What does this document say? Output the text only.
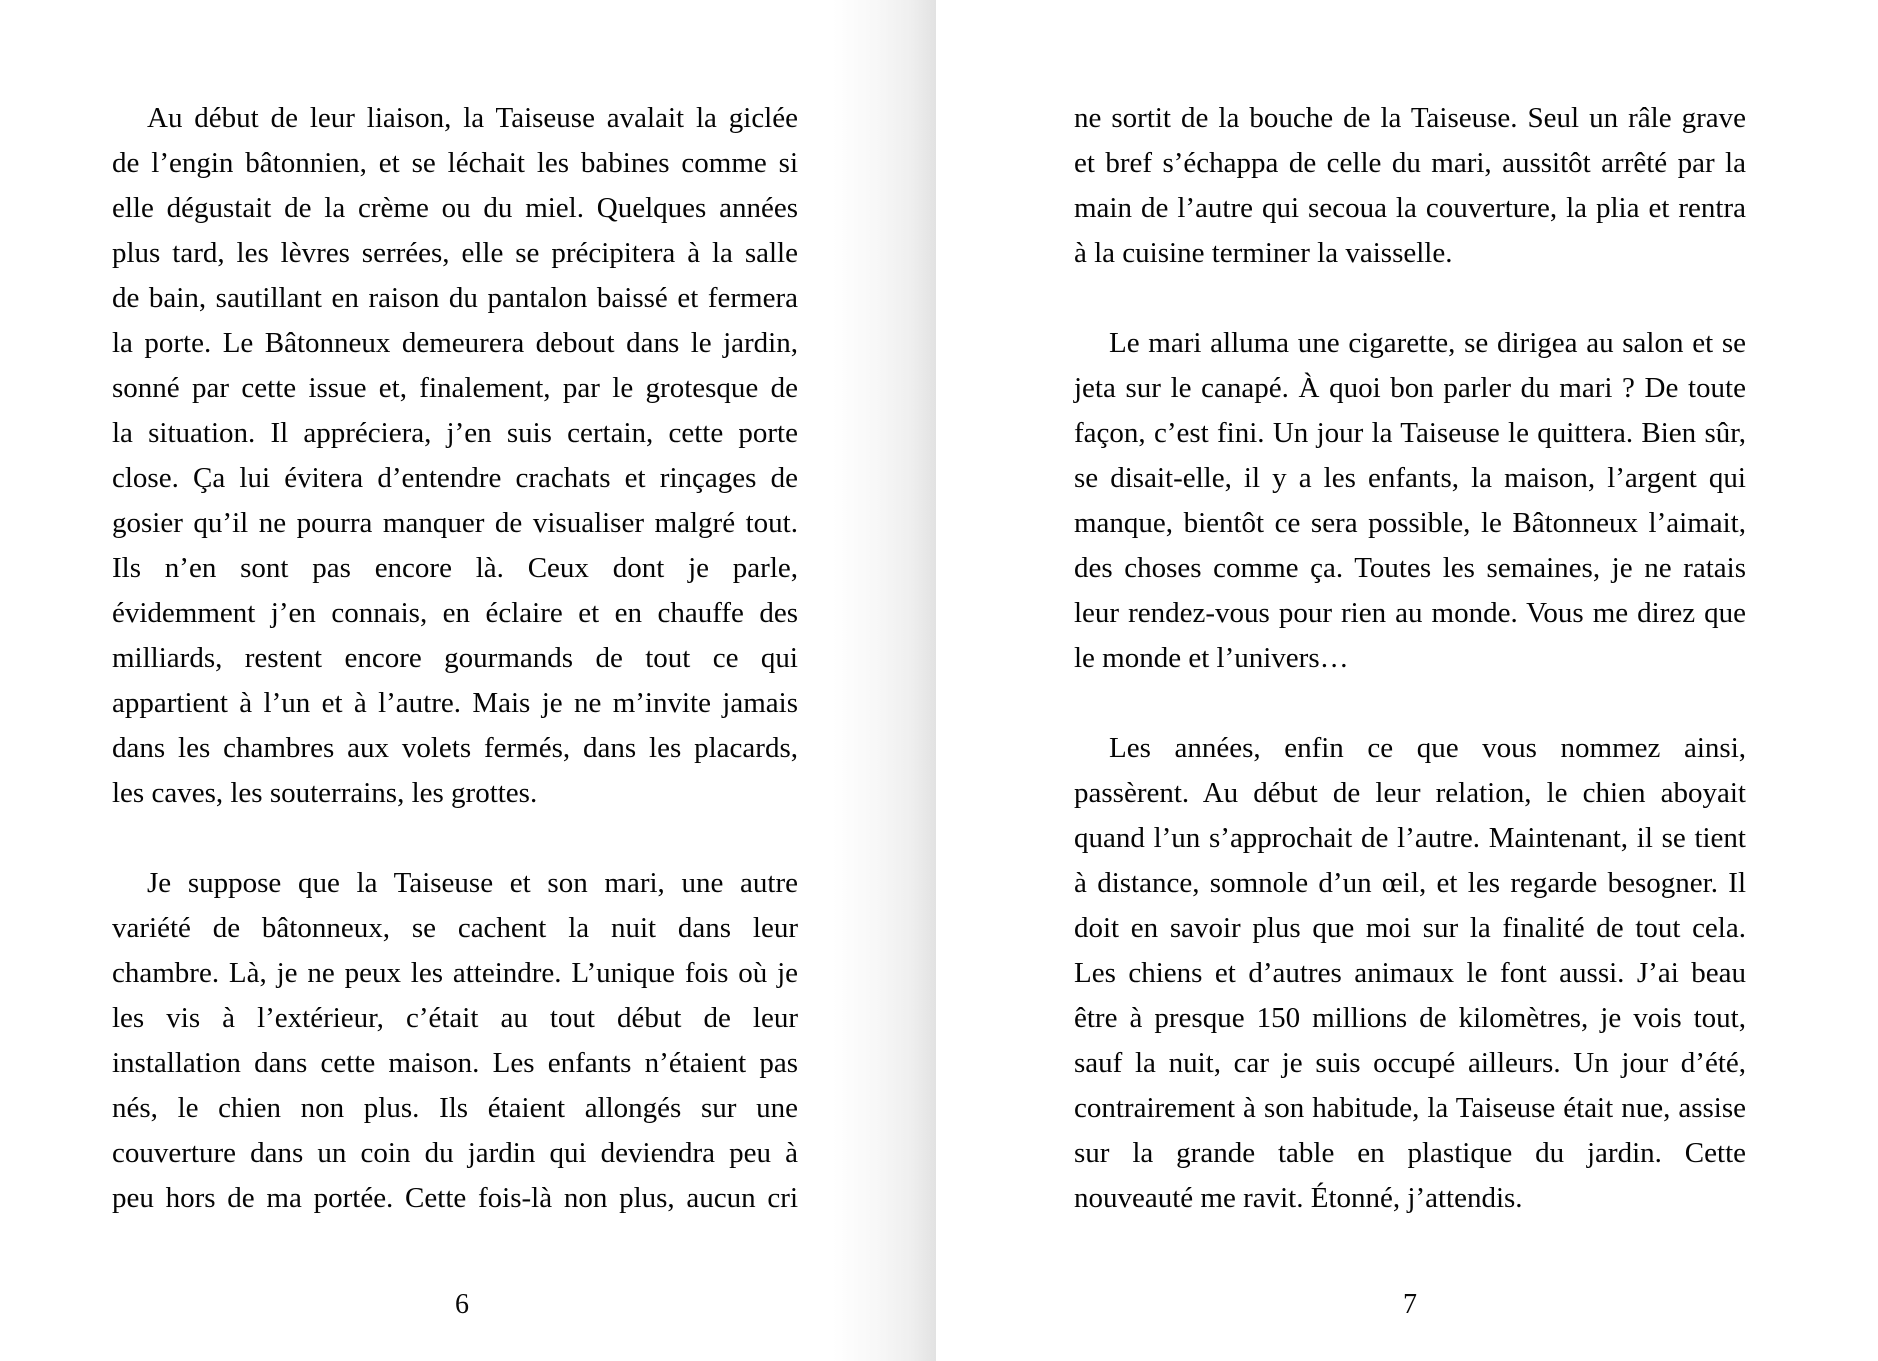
Au début de leur liaison, la Taiseuse avalait la giclée
de l’engin bâtonnien, et se léchait les babines comme si
elle dégustait de la crème ou du miel. Quelques années
plus tard, les lèvres serrées, elle se précipitera à la salle
de bain, sautillant en raison du pantalon baissé et fermera
la porte. Le Bâtonneux demeurera debout dans le jardin,
sonné par cette issue et, finalement, par le grotesque de
la situation. Il appréciera, j’en suis certain, cette porte
close. Ça lui évitera d’entendre crachats et rinçages de
gosier qu’il ne pourra manquer de visualiser malgré tout.
Ils n’en sont pas encore là. Ceux dont je parle,
évidemment j’en connais, en éclaire et en chauffe des
milliards, restent encore gourmands de tout ce qui
appartient à l’un et à l’autre. Mais je ne m’invite jamais
dans les chambres aux volets fermés, dans les placards,
les caves, les souterrains, les grottes.
Je suppose que la Taiseuse et son mari, une autre
variété de bâtonneux, se cachent la nuit dans leur
chambre. Là, je ne peux les atteindre. L’unique fois où je
les vis à l’extérieur, c’était au tout début de leur
installation dans cette maison. Les enfants n’étaient pas
nés, le chien non plus. Ils étaient allongés sur une
couverture dans un coin du jardin qui deviendra peu à
peu hors de ma portée. Cette fois-là non plus, aucun cri
ne sortit de la bouche de la Taiseuse. Seul un râle grave
et bref s’échappa de celle du mari, aussitôt arrêté par la
main de l’autre qui secoua la couverture, la plia et rentra
à la cuisine terminer la vaisselle.
Le mari alluma une cigarette, se dirigea au salon et se
jeta sur le canapé. À quoi bon parler du mari ? De toute
façon, c’est fini. Un jour la Taiseuse le quittera. Bien sûr,
se disait-elle, il y a les enfants, la maison, l’argent qui
manque, bientôt ce sera possible, le Bâtonneux l’aimait,
des choses comme ça. Toutes les semaines, je ne ratais
leur rendez-vous pour rien au monde. Vous me direz que
le monde et l’univers…
Les années, enfin ce que vous nommez ainsi,
passèrent. Au début de leur relation, le chien aboyait
quand l’un s’approchait de l’autre. Maintenant, il se tient
à distance, somnole d’un œil, et les regarde besogner. Il
doit en savoir plus que moi sur la finalité de tout cela.
Les chiens et d’autres animaux le font aussi. J’ai beau
être à presque 150 millions de kilomètres, je vois tout,
sauf la nuit, car je suis occupé ailleurs. Un jour d’été,
contrairement à son habitude, la Taiseuse était nue, assise
sur la grande table en plastique du jardin. Cette
nouveauté me ravit. Étonné, j’attendis.
6	7
